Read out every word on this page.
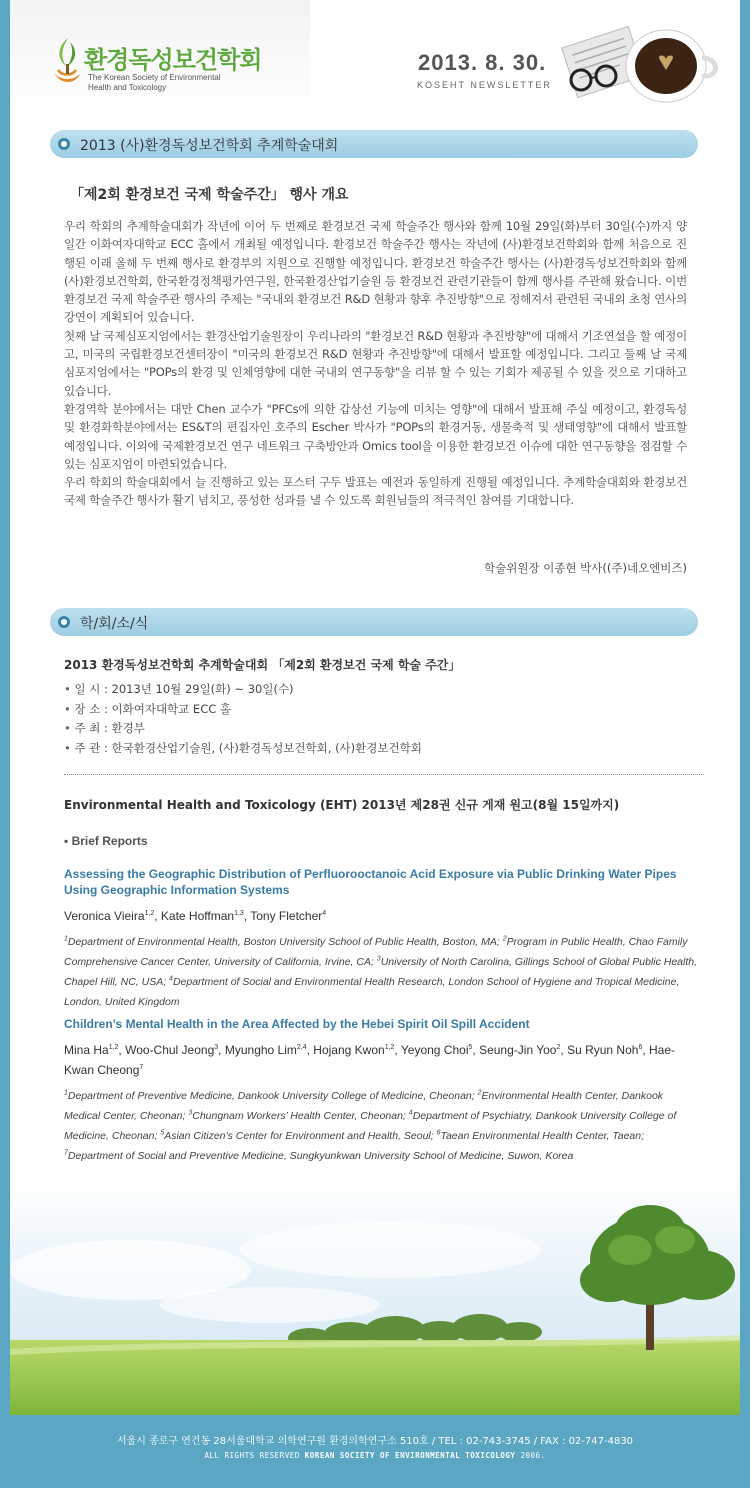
환경독성보건학회
The Korean Society of Environmental
Health and Toxicology
2013. 8. 30.
KOSEHT NEWSLETTER
2013 (사)환경독성보건학회 추계학술대회
「제2회 환경보건 국제 학술주간」 행사 개요

우리 학회의 추계학술대회가 작년에 이어 두 번째로 환경보건 국제 학술주간 행사와 함께 10월 29일(화)부터 30일(수)까지 양일간 이화여자대학교 ECC 홀에서 개최될 예정입니다. 환경보건 학술주간 행사는 작년에 (사)환경보건학회와 함께 처음으로 진행된 이래 올해 두 번째 행사로 환경부의 지원으로 진행할 예정입니다. 환경보건 학술주간 행사는 (사)환경독성보건학회와 함께 (사)환경보건학회, 한국환경정책평가연구원, 한국환경산업기술원 등 환경보건 관련기관들이 함께 행사를 주관해 왔습니다. 이번 환경보건 국제 학술주관 행사의 주제는 "국내외 환경보건 R&D 현황과 향후 추진방향"으로 정해져서 관련된 국내외 초청 연사의 강연이 계획되어 있습니다.

첫째 날 국제심포지엄에서는 환경산업기술원장이 우리나라의 "환경보건 R&D 현황과 추진방향"에 대해서 기조연설을 할 예정이고, 미국의 국립환경보건센터장이 "미국의 환경보건 R&D 현황과 추진방향"에 대해서 발표할 예정입니다. 그리고 둘째 날 국제심포지엄에서는 "POPs의 환경 및 인체영향에 대한 국내외 연구동향"을 리뷰 할 수 있는 기회가 제공될 수 있을 것으로 기대하고 있습니다.

환경역학 분야에서는 대만 Chen 교수가 "PFCs에 의한 갑상선 기능에 미치는 영향"에 대해서 발표해 주실 예정이고, 환경독성 및 환경화학분야에서는 ES&T의 편집자인 호주의 Escher 박사가 "POPs의 환경거동, 생물축적 및 생태영향"에 대해서 발표할 예정입니다. 이외에 국제환경보건 연구 네트워크 구축방안과 Omics tool을 이용한 환경보건 이슈에 대한 연구동향을 점검할 수 있는 심포지엄이 마련되었습니다.

우리 학회의 학술대회에서 늘 진행하고 있는 포스터 구두 발표는 예전과 동일하게 진행될 예정입니다. 추계학술대회와 환경보건 국제 학술주간 행사가 활기 넘치고, 풍성한 성과를 낼 수 있도록 회원님들의 적극적인 참여를 기대합니다.

학술위원장 이종현 박사((주)네오엔비즈)
학/회/소/식
2013 환경독성보건학회 추계학술대회 「제2회 환경보건 국제 학술 주간」
• 일 시 : 2013년 10월 29일(화) ~ 30일(수)
• 장 소 : 이화여자대학교 ECC 홀
• 주 최 : 환경부
• 주 관 : 한국환경산업기술원, (사)환경독성보건학회, (사)환경보건학회
Environmental Health and Toxicology (EHT) 2013년 제28권 신규 게재 원고(8월 15일까지)
▪ Brief Reports
Assessing the Geographic Distribution of Perfluorooctanoic Acid Exposure via Public Drinking Water Pipes Using Geographic Information Systems
Veronica Vieira$^{1,2}$, Kate Hoffman$^{1,3}$, Tony Fletcher$^4$
$^1$Department of Environmental Health, Boston University School of Public Health, Boston, MA; $^2$Program in Public Health, Chao Family Comprehensive Cancer Center, University of California, Irvine, CA; $^3$University of North Carolina, Gillings School of Global Public Health, Chapel Hill, NC, USA; $^4$Department of Social and Environmental Health Research, London School of Hygiene and Tropical Medicine, London, United Kingdom
Children’s Mental Health in the Area Affected by the Hebei Spirit Oil Spill Accident
Mina Ha$^{1,2}$, Woo-Chul Jeong$^3$, Myungho Lim$^{2,4}$, Hojang Kwon$^{1,2}$, Yeyong Choi$^5$, Seung-Jin Yoo$^2$, Su Ryun Noh$^6$, Hae-Kwan Cheong$^7$
$^1$Department of Preventive Medicine, Dankook University College of Medicine, Cheonan; $^2$Environmental Health Center, Dankook Medical Center, Cheonan; $^3$Chungnam Workers’ Health Center, Cheonan; $^4$Department of Psychiatry, Dankook University College of Medicine, Cheonan; $^5$Asian Citizen’s Center for Environment and Health, Seoul; $^6$Taean Environmental Health Center, Taean; $^7$Department of Social and Preventive Medicine, Sungkyunkwan University School of Medicine, Suwon, Korea
서울시 종로구 연건동 28서울대학교 의학연구원 환경의학연구소 510호 / TEL : 02-743-3745 / FAX : 02-747-4830
ALL RIGHTS RESERVED KOREAN SOCIETY OF ENVIRONMENTAL TOXICOLOGY 2006.
